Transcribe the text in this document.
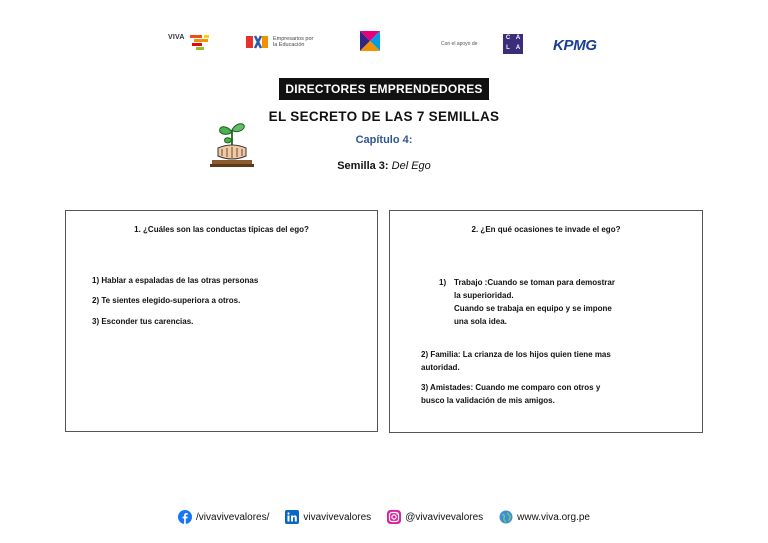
VIVA	Empresarios por
la Educación	Con el apoyo de
C A
L	A KPMG
DIRECTORES EMPRENDEDORES
EL SECRETO DE LAS 7 SEMILLAS
Capítulo 4:
Semilla 3: Del Ego
1. ¿Cuáles son las conductas típicas del ego?
1) Hablar a espaladas de las otras personas
2) Te sientes elegido-superiora a otros.
3) Esconder tus carencias.
2. ¿En qué ocasiones te invade el ego?
1) Trabajo :Cuando se toman para demostrar
la superioridad.
Cuando se trabaja en equipo y se impone
una sola idea.
2) Familia: La crianza de los hijos quien tiene mas
autoridad.
3) Amistades: Cuando me comparo con otros y
busco la validación de mis amigos.
/vivavivevalores/	vivavivevalores	@vivavivevalores	www.viva.org.pe
